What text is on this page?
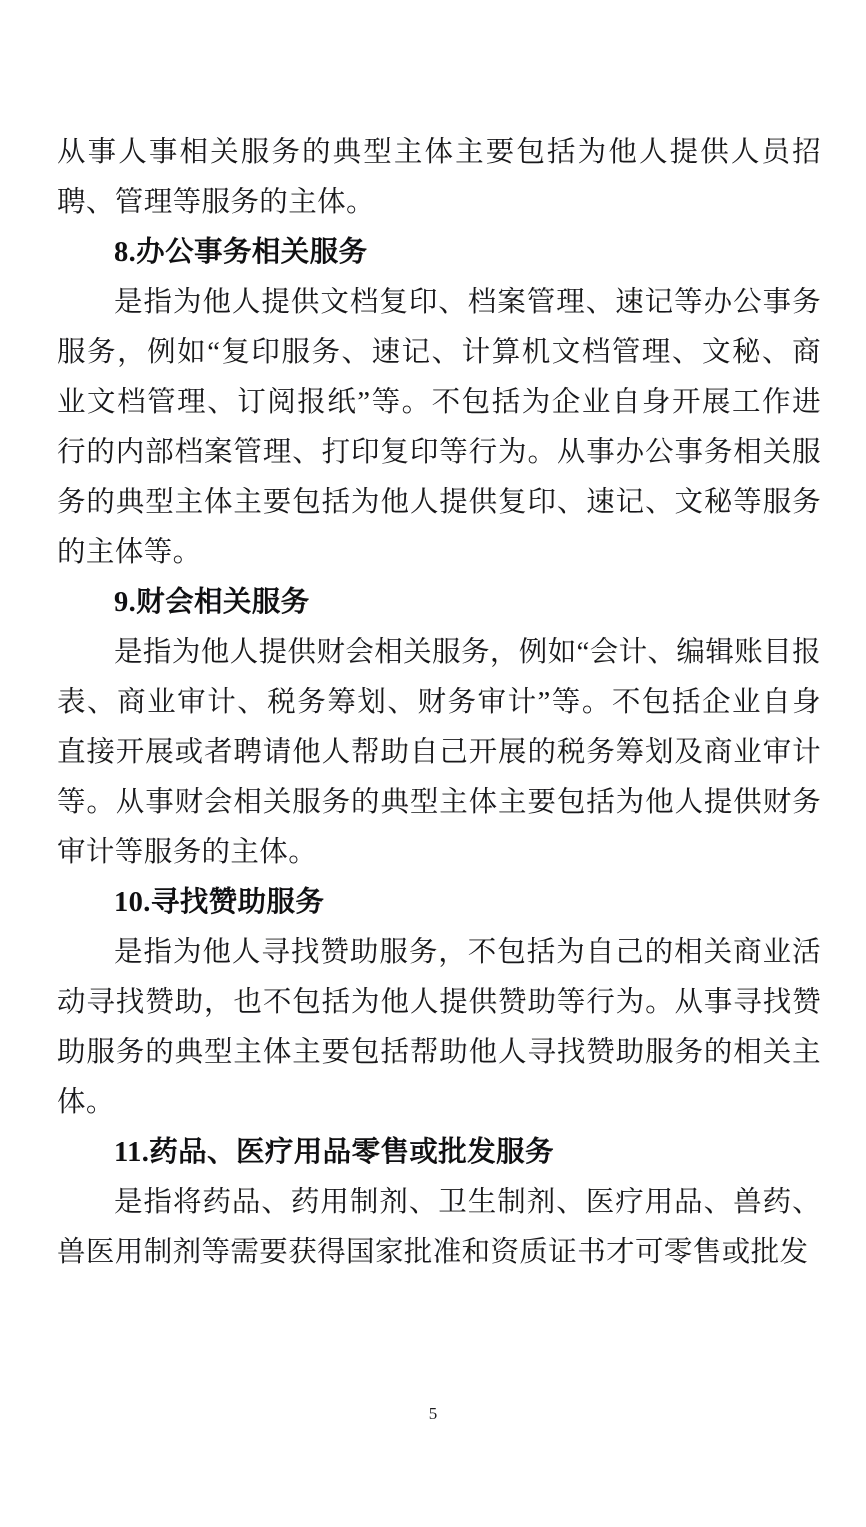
从事人事相关服务的典型主体主要包括为他人提供人员招聘、管理等服务的主体。

8.办公事务相关服务

是指为他人提供文档复印、档案管理、速记等办公事务服务，例如“复印服务、速记、计算机文档管理、文秘、商业文档管理、订阅报纸”等。不包括为企业自身开展工作进行的内部档案管理、打印复印等行为。从事办公事务相关服务的典型主体主要包括为他人提供复印、速记、文秘等服务的主体等。

9.财会相关服务

是指为他人提供财会相关服务，例如“会计、编辑账目报表、商业审计、税务筹划、财务审计”等。不包括企业自身直接开展或者聘请他人帮助自己开展的税务筹划及商业审计等。从事财会相关服务的典型主体主要包括为他人提供财务审计等服务的主体。

10.寻找赞助服务

是指为他人寻找赞助服务，不包括为自己的相关商业活动寻找赞助，也不包括为他人提供赞助等行为。从事寻找赞助服务的典型主体主要包括帮助他人寻找赞助服务的相关主体。

11.药品、医疗用品零售或批发服务

是指将药品、药用制剂、卫生制剂、医疗用品、兽药、兽医用制剂等需要获得国家批准和资质证书才可零售或批发

5
